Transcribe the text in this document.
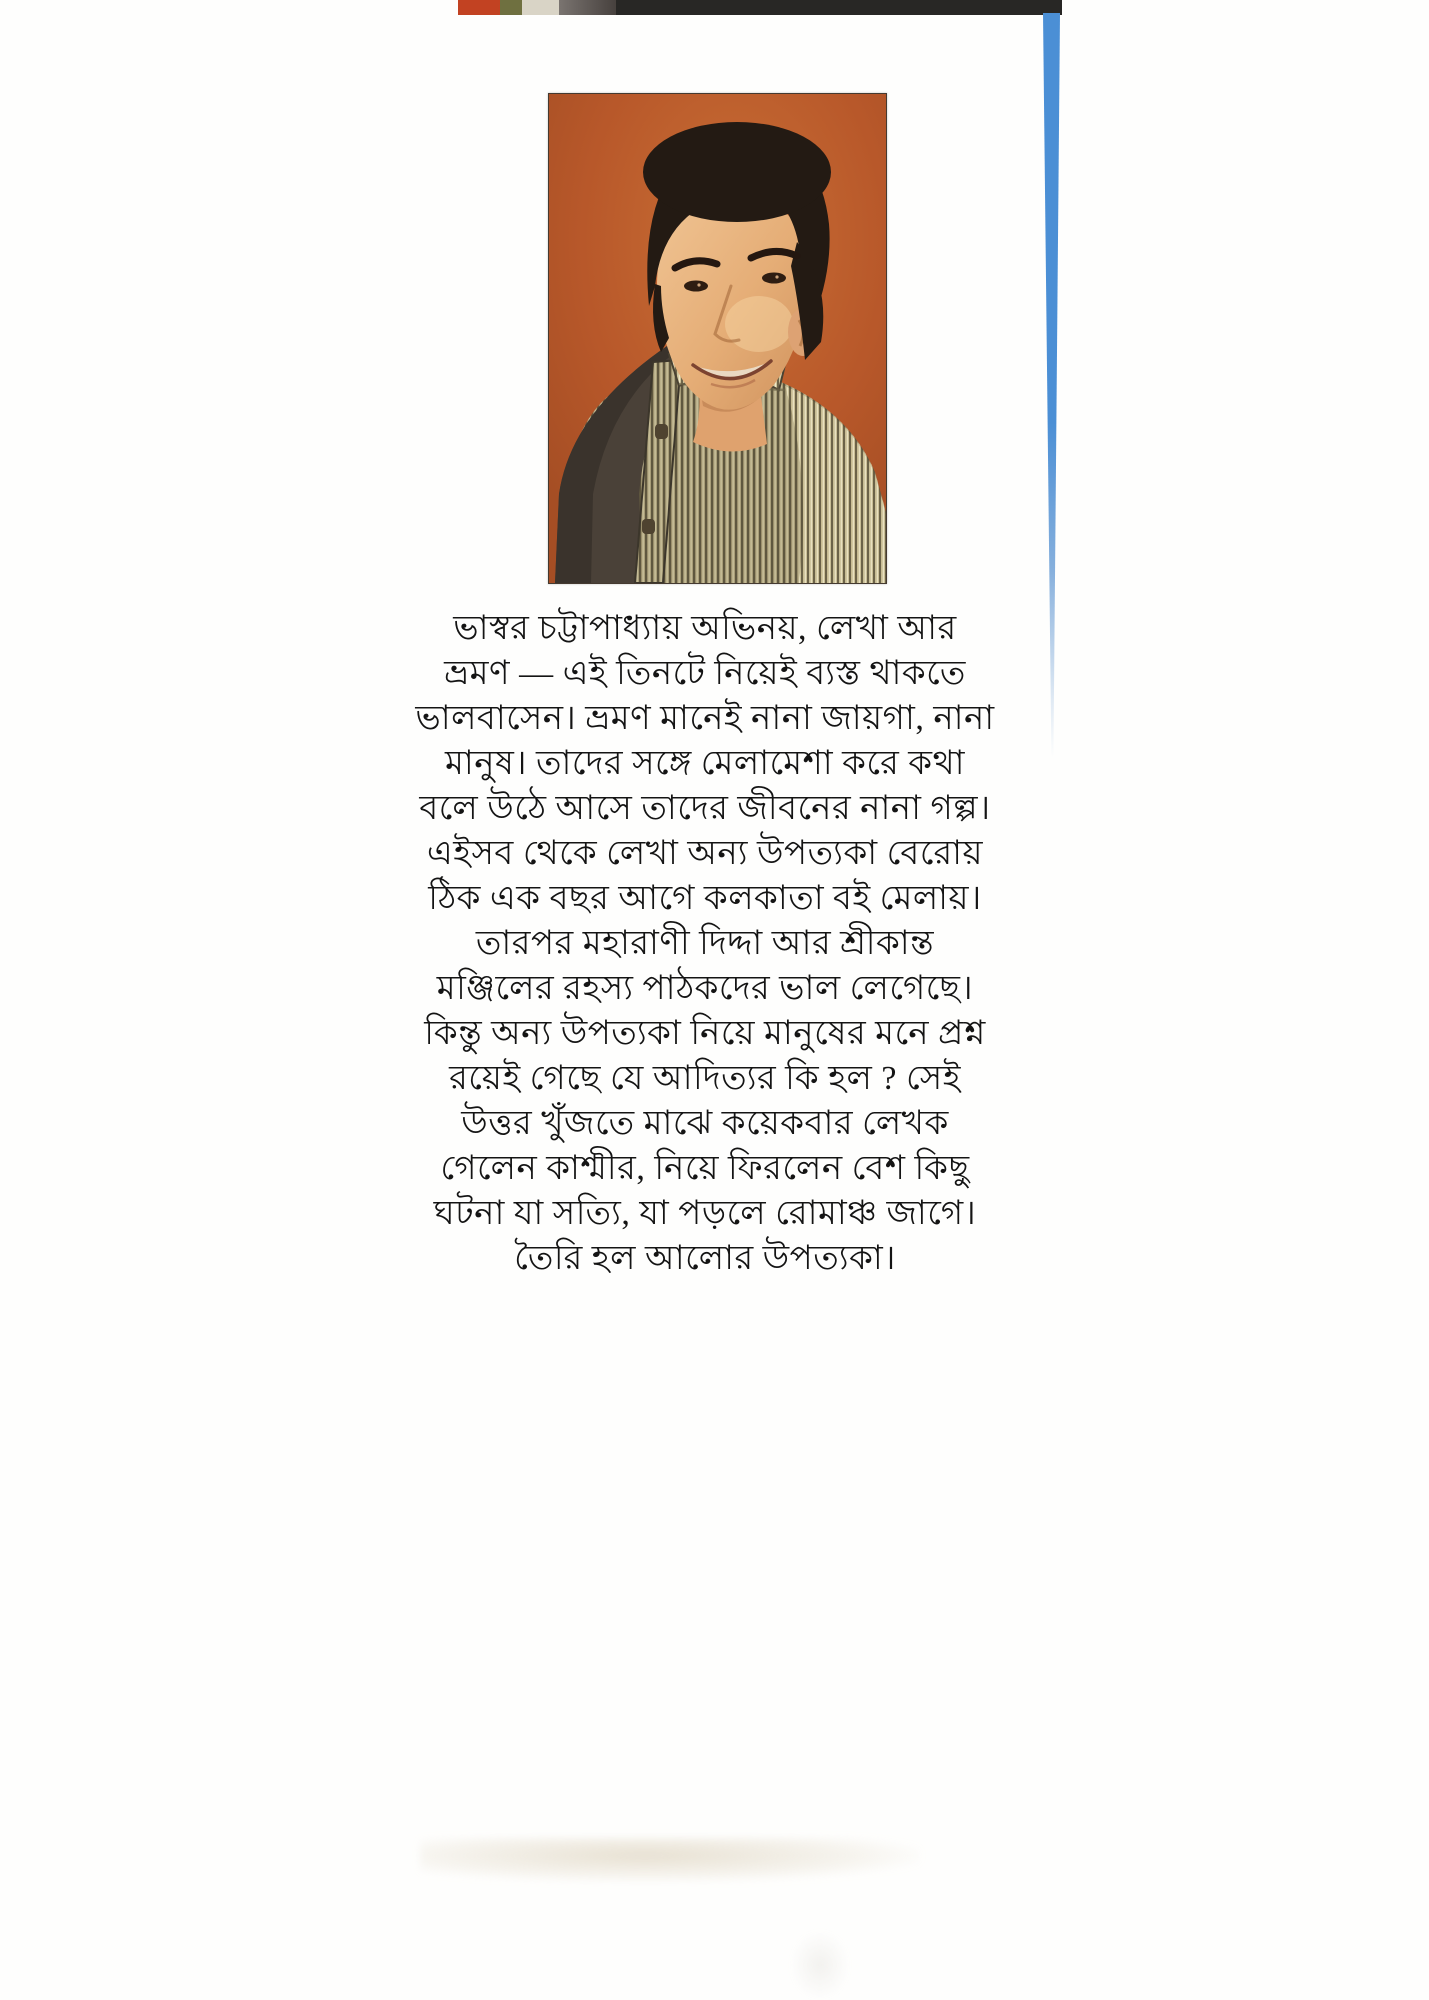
ভাস্বর চট্টাপাধ্যায় অভিনয়, লেখা আর
ভ্রমণ — এই তিনটে নিয়েই ব্যস্ত থাকতে
ভালবাসেন। ভ্রমণ মানেই নানা জায়গা, নানা
মানুষ। তাদের সঙ্গে মেলামেশা করে কথা
বলে উঠে আসে তাদের জীবনের নানা গল্প।
এইসব থেকে লেখা অন্য উপত্যকা বেরোয়
ঠিক এক বছর আগে কলকাতা বই মেলায়।
তারপর মহারাণী দিদ্দা আর শ্রীকান্ত
মঞ্জিলের রহস্য পাঠকদের ভাল লেগেছে।
কিন্তু অন্য উপত্যকা নিয়ে মানুষের মনে প্রশ্ন
রয়েই গেছে যে আদিত্যর কি হল ? সেই
উত্তর খুঁজতে মাঝে কয়েকবার লেখক
গেলেন কাশ্মীর, নিয়ে ফিরলেন বেশ কিছু
ঘটনা যা সত্যি, যা পড়লে রোমাঞ্চ জাগে।
তৈরি হল আলোর উপত্যকা।
